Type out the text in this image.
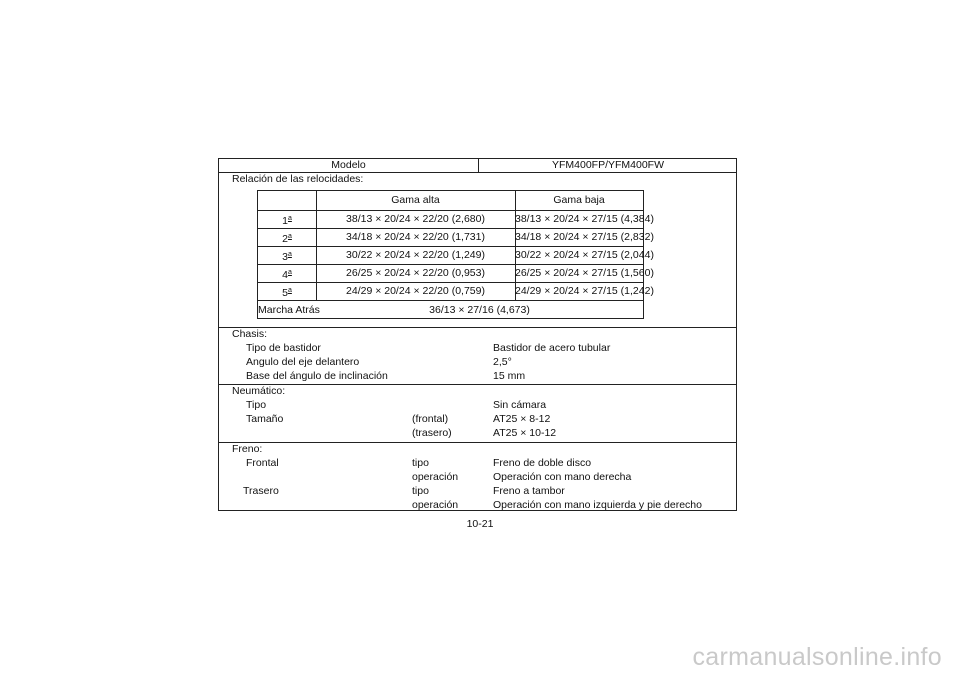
Modelo	YFM400FP/YFM400FW
Relación de las relocidades:
Gama alta	Gama baja
1$^a$	38/13 × 20/24 × 22/20 (2,680)	38/13 × 20/24 × 27/15 (4,384)
2$^a$	34/18 × 20/24 × 22/20 (1,731)	34/18 × 20/24 × 27/15 (2,832)
3$^a$	30/22 × 20/24 × 22/20 (1,249)	30/22 × 20/24 × 27/15 (2,044)
4$^a$	26/25 × 20/24 × 22/20 (0,953)	26/25 × 20/24 × 27/15 (1,560)
5$^a$	24/29 × 20/24 × 22/20 (0,759)	24/29 × 20/24 × 27/15 (1,242)
Marcha Atrás	36/13 × 27/16 (4,673)
Chasis:
Tipo de bastidor	Bastidor de acero tubular
Angulo del eje delantero	2,5°
Base del ángulo de inclinación	15 mm
Neumático:
Tipo	Sin cámara
Tamaño	(frontal)	AT25 × 8-12
(trasero)	AT25 × 10-12
Freno:
Frontal	tipo	Freno de doble disco
operación	Operación con mano derecha
Trasero	tipo	Freno a tambor
operación	Operación con mano izquierda y pie derecho
10-21
carmanualsonline.info
